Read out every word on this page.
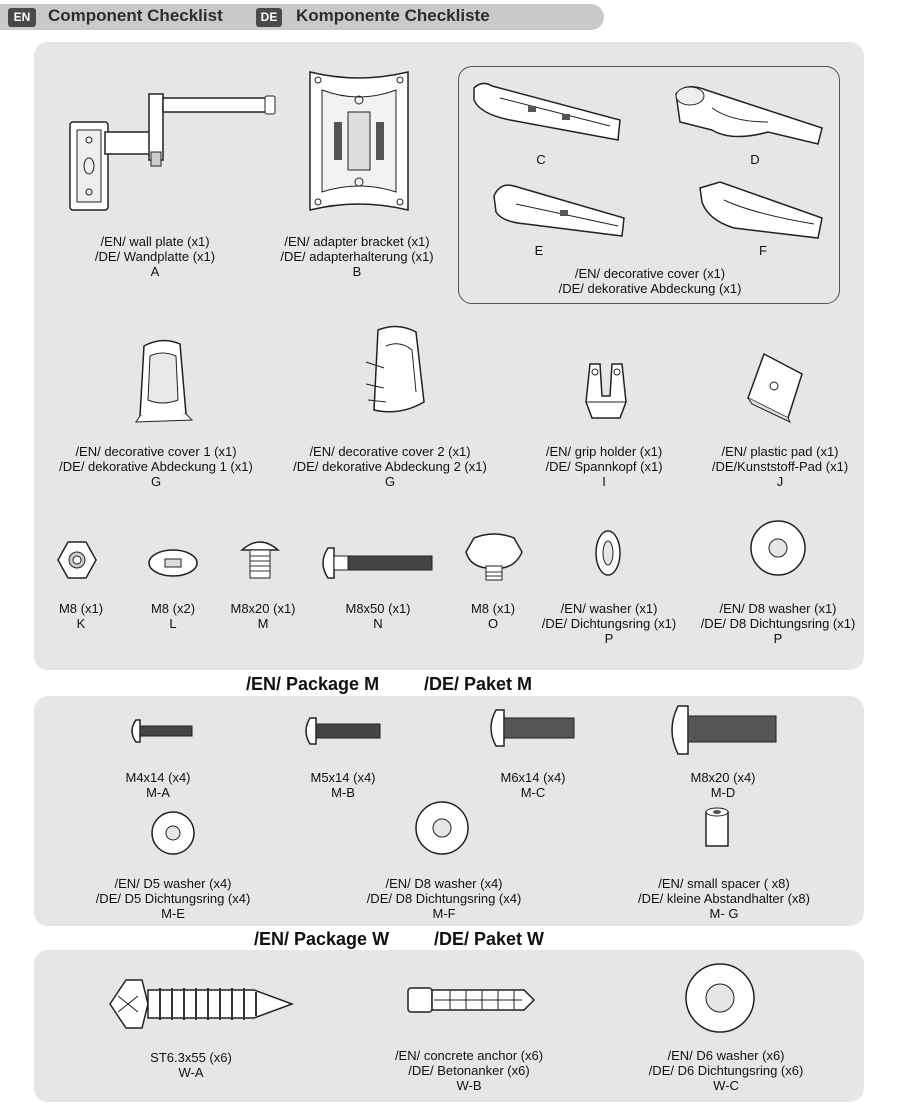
EN	Component Checklist	DE Komponente Checkliste
/EN/ wall plate (x1)
/DE/ Wandplatte (x1)
A
/EN/ adapter bracket (x1)
/DE/ adapterhalterung (x1)
B
C	D
E	F
/EN/ decorative cover (x1)
/DE/ dekorative Abdeckung (x1)
/EN/ decorative cover 1 (x1)
/DE/ dekorative Abdeckung 1 (x1)
G
/EN/ decorative cover 2 (x1)
/DE/ dekorative Abdeckung 2 (x1)
G
/EN/ grip holder (x1)
/DE/ Spannkopf (x1)
I
/EN/ plastic pad (x1)
/DE/Kunststoff-Pad (x1)
J
M8 (x1)
K
M8 (x2)
L
M8x20 (x1)
M
M8x50 (x1)
N
M8 (x1)
O
/EN/ washer (x1)
/DE/ Dichtungsring (x1)
P
/EN/ D8 washer (x1)
/DE/ D8 Dichtungsring (x1)
P
/EN/ Package M /DE/ Paket M
M4x14 (x4)
M-A
M5x14 (x4)
M-B
M6x14 (x4)
M-C
M8x20 (x4)
M-D
/EN/ D5 washer (x4)
/DE/ D5 Dichtungsring (x4)
M-E
/EN/ D8 washer (x4)
/DE/ D8 Dichtungsring (x4)
M-F
/EN/ small spacer ( x8)
/DE/ kleine Abstandhalter (x8)
M- G
/EN/ Package W /DE/ Paket W
ST6.3x55 (x6)
W-A
/EN/ concrete anchor (x6)
/DE/ Betonanker (x6)
W-B
/EN/ D6 washer (x6)
/DE/ D6 Dichtungsring (x6)
W-C
